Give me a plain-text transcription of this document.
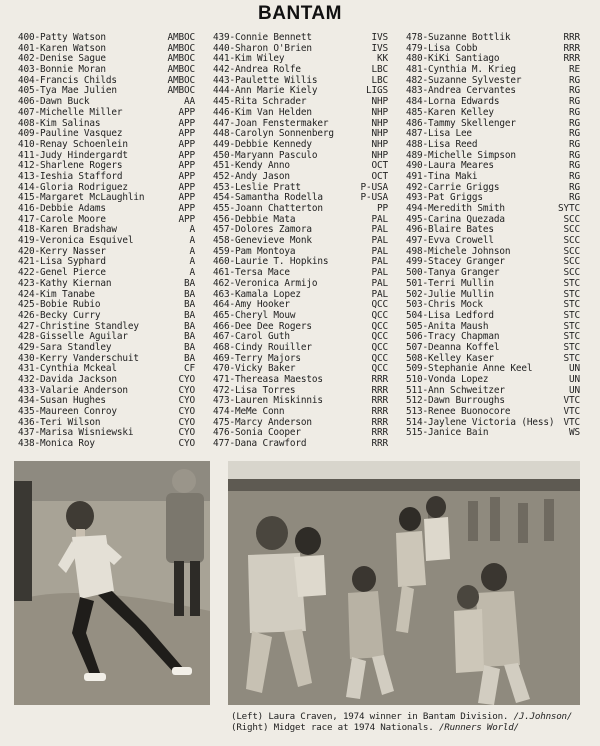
BANTAM
400-Patty Watson	AMBOC
401-Karen Watson	AMBOC
402-Denise Sague	AMBOC
403-Bonnie Moran	AMBOC
404-Francis Childs	AMBOC
405-Tya Mae Julien	AMBOC
406-Dawn Buck	AA
407-Michelle Miller	APP
408-Kim Salinas	APP
409-Pauline Vasquez	APP
410-Renay Schoenlein	APP
411-Judy Hindergardt	APP
412-Sharlene Rogers	APP
413-Ieshia Stafford	APP
414-Gloria Rodriguez	APP
415-Margaret McLaughlin	APP
416-Debbie Adams	APP
417-Carole Moore	APP
418-Karen Bradshaw	A
419-Veronica Esquivel	A
420-Kerry Nasser	A
421-Lisa Syphard	A
422-Genel Pierce	A
423-Kathy Kiernan	BA
424-Kim Tanabe	BA
425-Bobie Rubio	BA
426-Becky Curry	BA
427-Christine Standley	BA
428-Gisselle Aguilar	BA
429-Sara Standley	BA
430-Kerry Vanderschuit	BA
431-Cynthia Mckeal	CF
432-Davida Jackson	CYO
433-Valarie Anderson	CYO
434-Susan Hughes	CYO
435-Maureen Conroy	CYO
436-Teri Wilson	CYO
437-Marisa Wisniewski	CYO
438-Monica Roy	CYO
439-Connie Bennett	IVS
440-Sharon O'Brien	IVS
441-Kim Wiley	KK
442-Andrea Rolfe	LBC
443-Paulette Willis	LBC
444-Ann Marie Kiely	LIGS
445-Rita Schrader	NHP
446-Kim Van Helden	NHP
447-Joan Fenstermaker	NHP
448-Carolyn Sonnenberg	NHP
449-Debbie Kennedy	NHP
450-Maryann Pasculo	NHP
451-Kendy Anno	OCT
452-Andy Jason	OCT
453-Leslie Pratt	P-USA
454-Samantha Rodella	P-USA
455-Joann Chatterton	PP
456-Debbie Mata	PAL
457-Dolores Zamora	PAL
458-Genevieve Monk	PAL
459-Pam Montoya	PAL
460-Laurie T. Hopkins	PAL
461-Tersa Mace	PAL
462-Veronica Armijo	PAL
463-Kamala Lopez	PAL
464-Amy Hooker	QCC
465-Cheryl Mouw	QCC
466-Dee Dee Rogers	QCC
467-Carol Guth	QCC
468-Cindy Rouiller	QCC
469-Terry Majors	QCC
470-Vicky Baker	QCC
471-Thereasa Maestos	RRR
472-Lisa Torres	RRR
473-Lauren Miskinnis	RRR
474-MeMe Conn	RRR
475-Marcy Anderson	RRR
476-Sonia Cooper	RRR
477-Dana Crawford	RRR
478-Suzanne Bottlik	RRR
479-Lisa Cobb	RRR
480-KiKi Santiago	RRR
481-Cynthia M. Krieg	RE
482-Suzanne Sylvester	RG
483-Andrea Cervantes	RG
484-Lorna Edwards	RG
485-Karen Kelley	RG
486-Tammy Skellenger	RG
487-Lisa Lee	RG
488-Lisa Reed	RG
489-Michelle Simpson	RG
490-Laura Meares	RG
491-Tina Maki	RG
492-Carrie Griggs	RG
493-Pat Griggs	RG
494-Meredith Smith	SYTC
495-Carina Quezada	SCC
496-Blaire Bates	SCC
497-Evva Crowell	SCC
498-Michele Johnson	SCC
499-Stacey Granger	SCC
500-Tanya Granger	SCC
501-Terri Mullin	STC
502-Julie Mullin	STC
503-Chris Mock	STC
504-Lisa Ledford	STC
505-Anita Maush	STC
506-Tracy Chapman	STC
507-Deanna Koffel	STC
508-Kelley Kaser	STC
509-Stephanie Anne Keel	UN
510-Vonda Lopez	UN
511-Ann Schweitzer	UN
512-Dawn Burroughs	VTC
513-Renee Buonocore	VTC
514-Jaylene Victoria (Hess) VTC
515-Janice Bain	WS
(Left) Laura Craven, 1974 winner in Bantam Division. /J.Johnson/
(Right) Midget race at 1974 Nationals. /Runners World/
